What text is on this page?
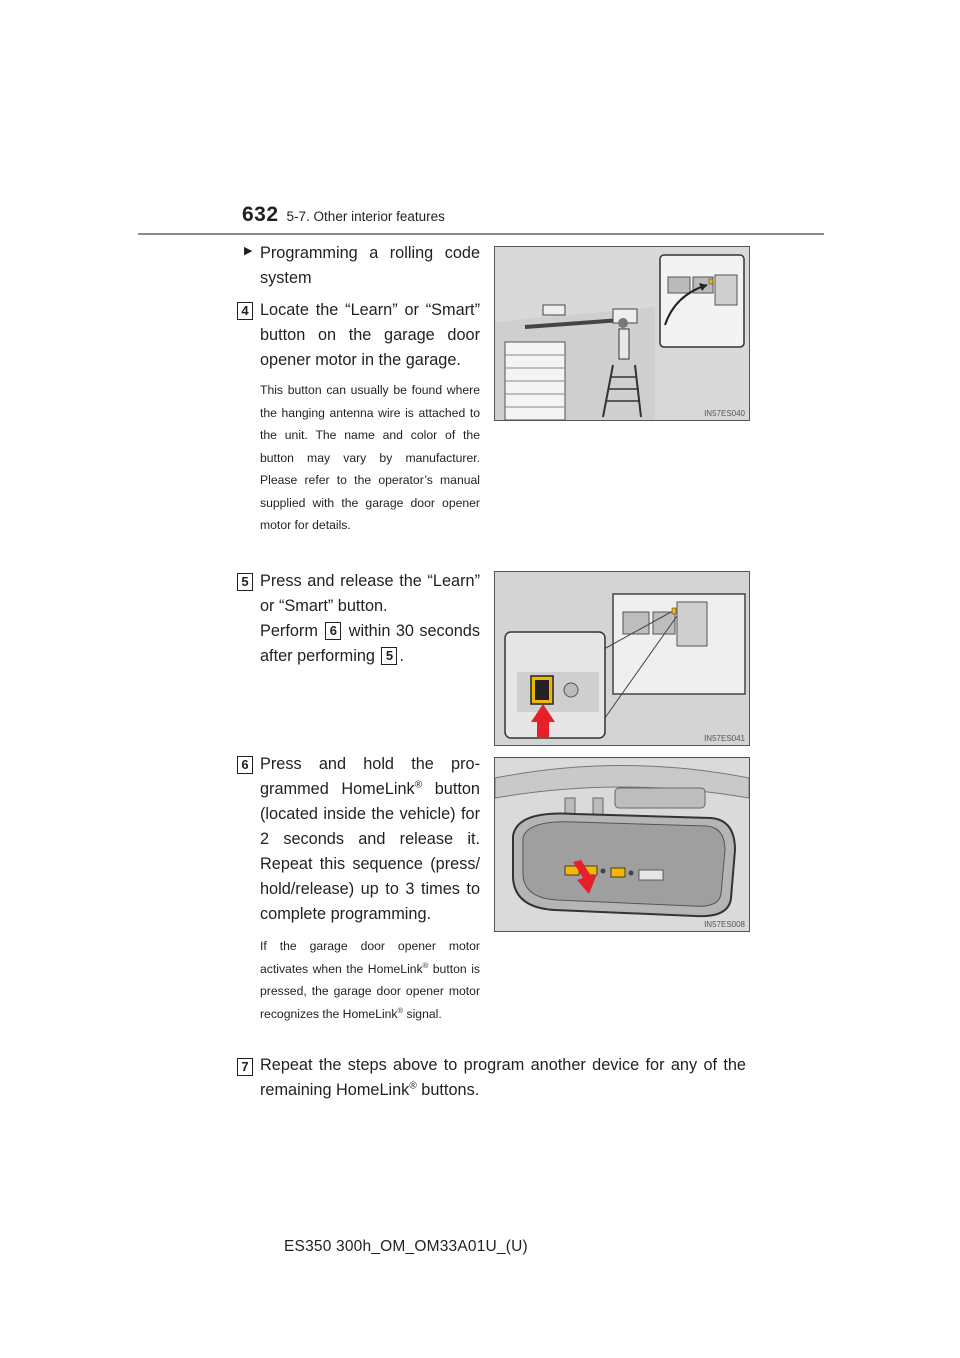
632 5-7. Other interior features
▶ Programming a rolling code system
4 Locate the “Learn” or “Smart” button on the garage door opener motor in the garage.
This button can usually be found where the hanging antenna wire is attached to the unit. The name and color of the button may vary by manufacturer. Please refer to the operator’s manual supplied with the garage door opener motor for details.
IN57ES040
5 Press and release the “Learn” or “Smart” button.
Perform 6 within 30 seconds after performing 5 .
IN57ES041
6 Press and hold the pro-grammed HomeLink® button (located inside the vehicle) for 2 seconds and release it. Repeat this sequence (press/ hold/release) up to 3 times to complete programming.
If the garage door opener motor activates when the HomeLink® button is pressed, the garage door opener motor recognizes the HomeLink® signal.
IN57ES008
7 Repeat the steps above to program another device for any of the remaining HomeLink® buttons.
ES350 300h_OM_OM33A01U_(U)
